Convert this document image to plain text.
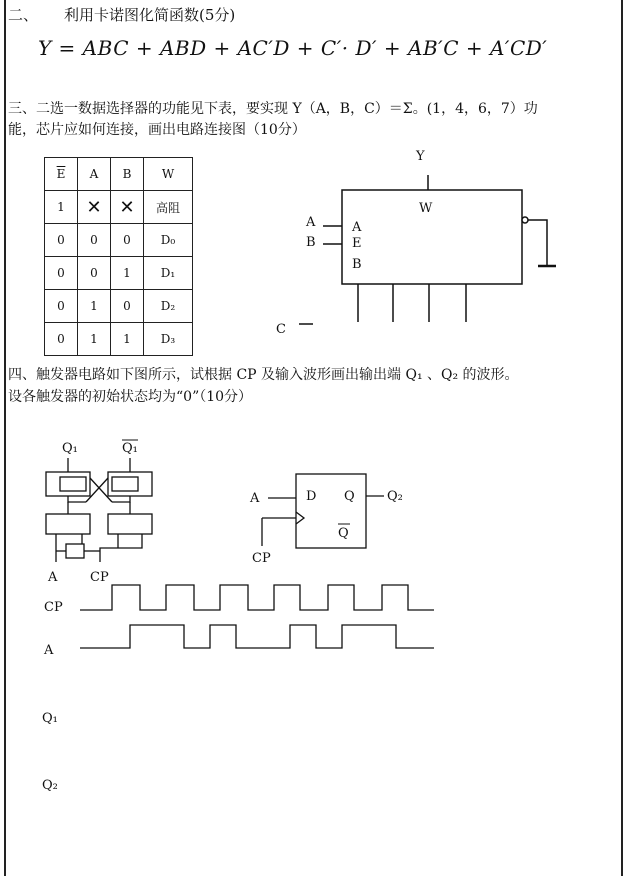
二、 利用卡诺图化简函数(5分)
Y = ABC + ABD + AC′D + C′· D′ + AB′C + A′CD′
三、二选一数据选择器的功能见下表，要实现 Y（A，B，C）＝Σ。(1，4，6，7）功
能，芯片应如何连接，画出电路连接图（10分）
$\overline{E}$	A	B	W
1	✕	✕	高阻
0	0	0	D₀
0	0	1	D₁
0	1	0	D₂
0	1	1	D₃
四、触发器电路如下图所示，试根据 CP 及输入波形画出输出端 Q₁ 、Q₂ 的波形。
设各触发器的初始状态均为“0”（10分）
Y
W
A
E
B
A
B
C
Q₁	Q₁
A	CP
D Q
Q
A
CP
Q₂
CP
A
Q₁
Q₂
